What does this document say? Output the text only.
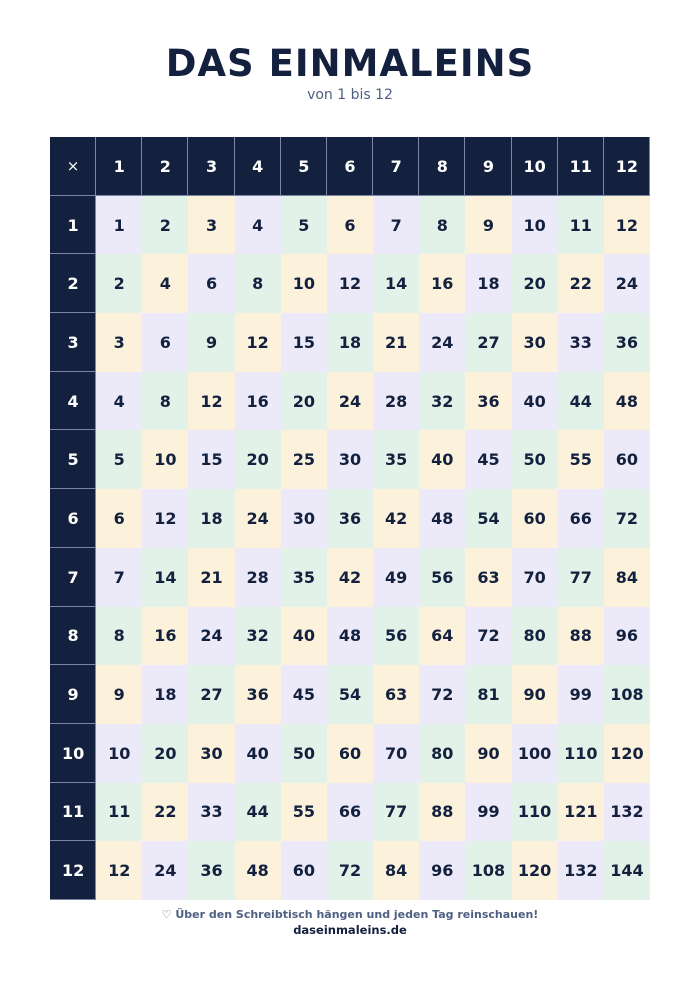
DAS EINMALEINS
von 1 bis 12
×	1	2	3	4	5	6	7	8	9	10	11	12
1	1	2	3	4	5	6	7	8	9	10	11	12
2	2	4	6	8	10	12	14	16	18	20	22	24
3	3	6	9	12	15	18	21	24	27	30	33	36
4	4	8	12	16	20	24	28	32	36	40	44	48
5	5	10	15	20	25	30	35	40	45	50	55	60
6	6	12	18	24	30	36	42	48	54	60	66	72
7	7	14	21	28	35	42	49	56	63	70	77	84
8	8	16	24	32	40	48	56	64	72	80	88	96
9	9	18	27	36	45	54	63	72	81	90	99	108
10	10	20	30	40	50	60	70	80	90	100 110 120
11	11	22	33	44	55	66	77	88	99	110 121 132
12	12	24	36	48	60	72	84	96	108 120 132 144
♡ Über den Schreibtisch hängen und jeden Tag reinschauen!
daseinmaleins.de
